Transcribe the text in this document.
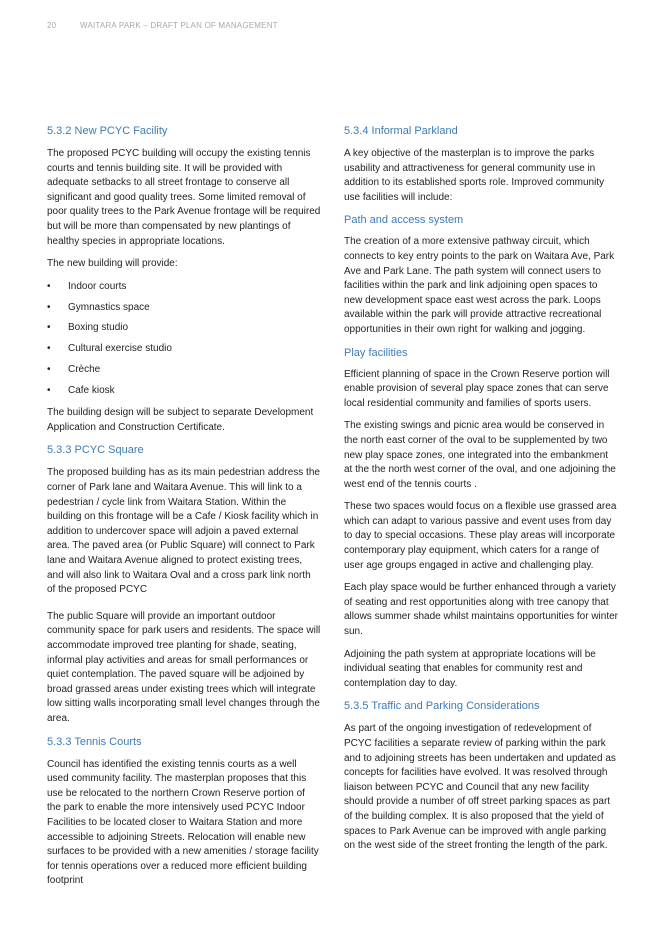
20	WAITARA PARK – DRAFT PLAN OF MANAGEMENT
5.3.2 New PCYC Facility

The proposed PCYC building will occupy the existing tennis courts and tennis building site. It will be provided with adequate setbacks to all street frontage to conserve all significant and good quality trees. Some limited removal of poor quality trees to the Park Avenue frontage will be required but will be more than compensated by new plantings of healthy species in appropriate locations.

The new building will provide:

• Indoor courts
• Gymnastics space
• Boxing studio
• Cultural exercise studio
• Crèche
• Cafe kiosk

The building design will be subject to separate Development Application and Construction Certificate.

5.3.3 PCYC Square

The proposed building has as its main pedestrian address the corner of Park lane and Waitara Avenue. This will link to a pedestrian / cycle link from Waitara Station. Within the building on this frontage will be a Cafe / Kiosk facility which in addition to undercover space will adjoin a paved external area. The paved area (or Public Square) will connect to Park lane and Waitara Avenue aligned to protect existing trees, and will also link to Waitara Oval and a cross park link north of the proposed PCYC

The public Square will provide an important outdoor community space for park users and residents. The space will accommodate improved tree planting for shade, seating, informal play activities and areas for small performances or quiet contemplation. The paved square will be adjoined by broad grassed areas under existing trees which will integrate low sitting walls incorporating small level changes through the area.

5.3.3 Tennis Courts

Council has identified the existing tennis courts as a well used community facility. The masterplan proposes that this use be relocated to the northern Crown Reserve portion of the park to enable the more intensively used PCYC Indoor Facilities to be located closer to Waitara Station and more accessible to adjoining Streets. Relocation will enable new surfaces to be provided with a new amenities / storage facility for tennis operations over a reduced more efficient building footprint

5.3.4 Informal Parkland

A key objective of the masterplan is to improve the parks usability and attractiveness for general community use in addition to its established sports role. Improved community use facilities will include:

Path and access system

The creation of a more extensive pathway circuit, which connects to key entry points to the park on Waitara Ave, Park Ave and Park Lane. The path system will connect users to facilities within the park and link adjoining open spaces to new development space east west across the park. Loops available within the park will provide attractive recreational opportunities in their own right for walking and jogging.

Play facilities

Efficient planning of space in the Crown Reserve portion will enable provision of several play space zones that can serve local residential community and families of sports users.

The existing swings and picnic area would be conserved in the north east corner of the oval to be supplemented by two new play space zones, one integrated into the embankment at the the north west corner of the oval, and one adjoining the west end of the tennis courts .

These two spaces would focus on a flexible use grassed area which can adapt to various passive and event uses from day to day to special occasions. These play areas will incorporate contemporary play equipment, which caters for a range of user age groups engaged in active and challenging play.

Each play space would be further enhanced through a variety of seating and rest opportunities along with tree canopy that allows summer shade whilst maintains opportunities for winter sun.

Adjoining the path system at appropriate locations will be individual seating that enables for community rest and contemplation day to day.

5.3.5 Traffic and Parking Considerations

As part of the ongoing investigation of redevelopment of PCYC facilities a separate review of parking within the park and to adjoining streets has been undertaken and updated as concepts for facilities have evolved. It was resolved through liaison between PCYC and Council that any new facility should provide a number of off street parking spaces as part of the building complex. It is also proposed that the yield of spaces to Park Avenue can be improved with angle parking on the west side of the street fronting the length of the park.
